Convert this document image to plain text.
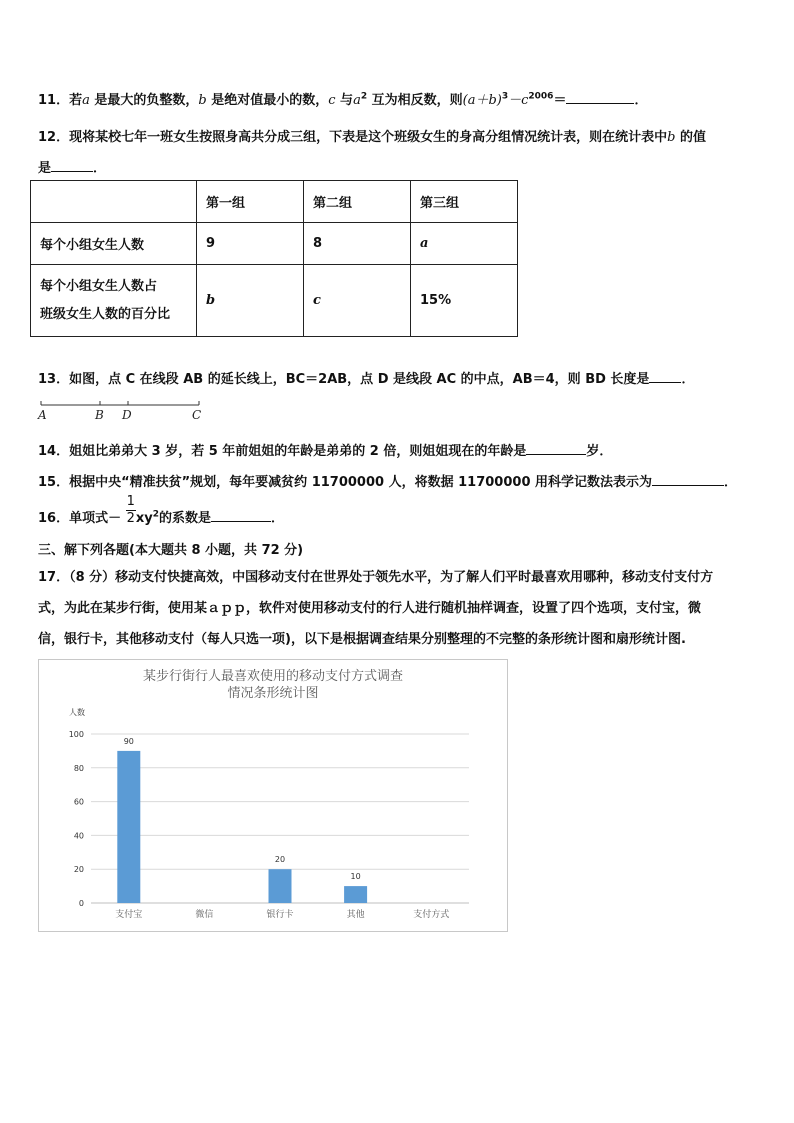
11．若a 是最大的负整数，b 是绝对值最小的数，c 与$a^2$ 互为相反数，则$(a+b)^3-c^{2006}=$	．
12．现将某校七年一班女生按照身高共分成三组，下表是这个班级女生的身高分组情况统计表，则在统计表中b 的值
是	．
	第一组	第二组	第三组
每个小组女生人数	9	8	a

每个小组女生人数占
班级女生人数的百分比	b	c	15%
13．如图，点 C 在线段 AB 的延长线上，BC＝2AB，点 D 是线段 AC 的中点，AB＝4，则 BD 长度是 ．
A	B D	C
14．姐姐比弟弟大 3 岁，若 5 年前姐姐的年龄是弟弟的 2 倍，则姐姐现在的年龄是	岁．
15．根据中央“精准扶贫”规划，每年要减贫约 11700000 人，将数据 11700000 用科学记数法表示为	．
16．单项式－ $\frac{1}{2} xy^2$的系数是	．
三、解下列各题(本大题共 8 小题，共 72 分)
17．（8 分）移动支付快捷高效，中国移动支付在世界处于领先水平，为了解人们平时最喜欢用哪种，移动支付支付方
式，为此在某步行街，使用某ａｐｐ，软件对使用移动支付的行人进行随机抽样调查，设置了四个选项，支付宝，微
信，银行卡，其他移动支付（每人只选一项)，以下是根据调查结果分别整理的不完整的条形统计图和扇形统计图.
某步行街行人最喜欢使用的移动支付方式调查
情况条形统计图
人数
0
20
40
60
80
100
支付宝
90
微信	银行卡
20
其他
10
支付方式
